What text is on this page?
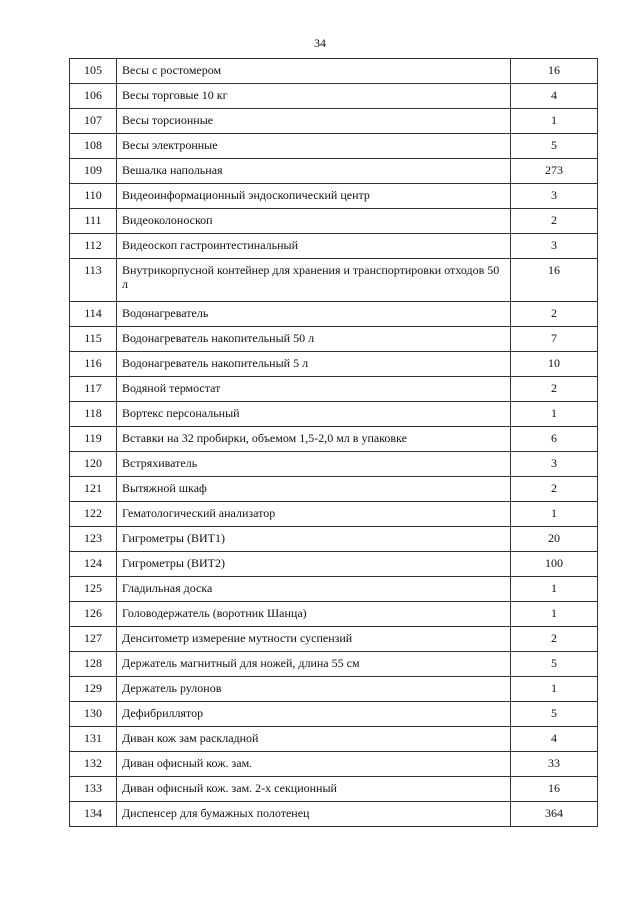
34
105	Весы с ростомером	16
106	Весы торговые 10 кг	4
107	Весы торсионные	1
108	Весы электронные	5
109	Вешалка напольная	273
110	Видеоинформационный эндоскопический центр	3
111	Видеоколоноскоп	2
112	Видеоскоп гастроинтестинальный	3
113	Внутрикорпусной контейнер для хранения и транспортировки отходов 50 л	16
114	Водонагреватель	2
115	Водонагреватель накопительный 50 л	7
116	Водонагреватель накопительный 5 л	10
117	Водяной термостат	2
118	Вортекс персональный	1
119	Вставки на 32 пробирки, объемом 1,5-2,0 мл в упаковке	6
120	Встряхиватель	3
121	Вытяжной шкаф	2
122	Гематологический анализатор	1
123	Гигрометры (ВИТ1)	20
124	Гигрометры (ВИТ2)	100
125	Гладильная доска	1
126	Головодержатель (воротник Шанца)	1
127	Денситометр измерение мутности суспензий	2
128	Держатель магнитный для ножей, длина 55 см	5
129	Держатель рулонов	1
130	Дефибриллятор	5
131	Диван кож зам раскладной	4
132	Диван офисный кож. зам.	33
133	Диван офисный кож. зам. 2-х секционный	16
134	Диспенсер для бумажных полотенец	364
